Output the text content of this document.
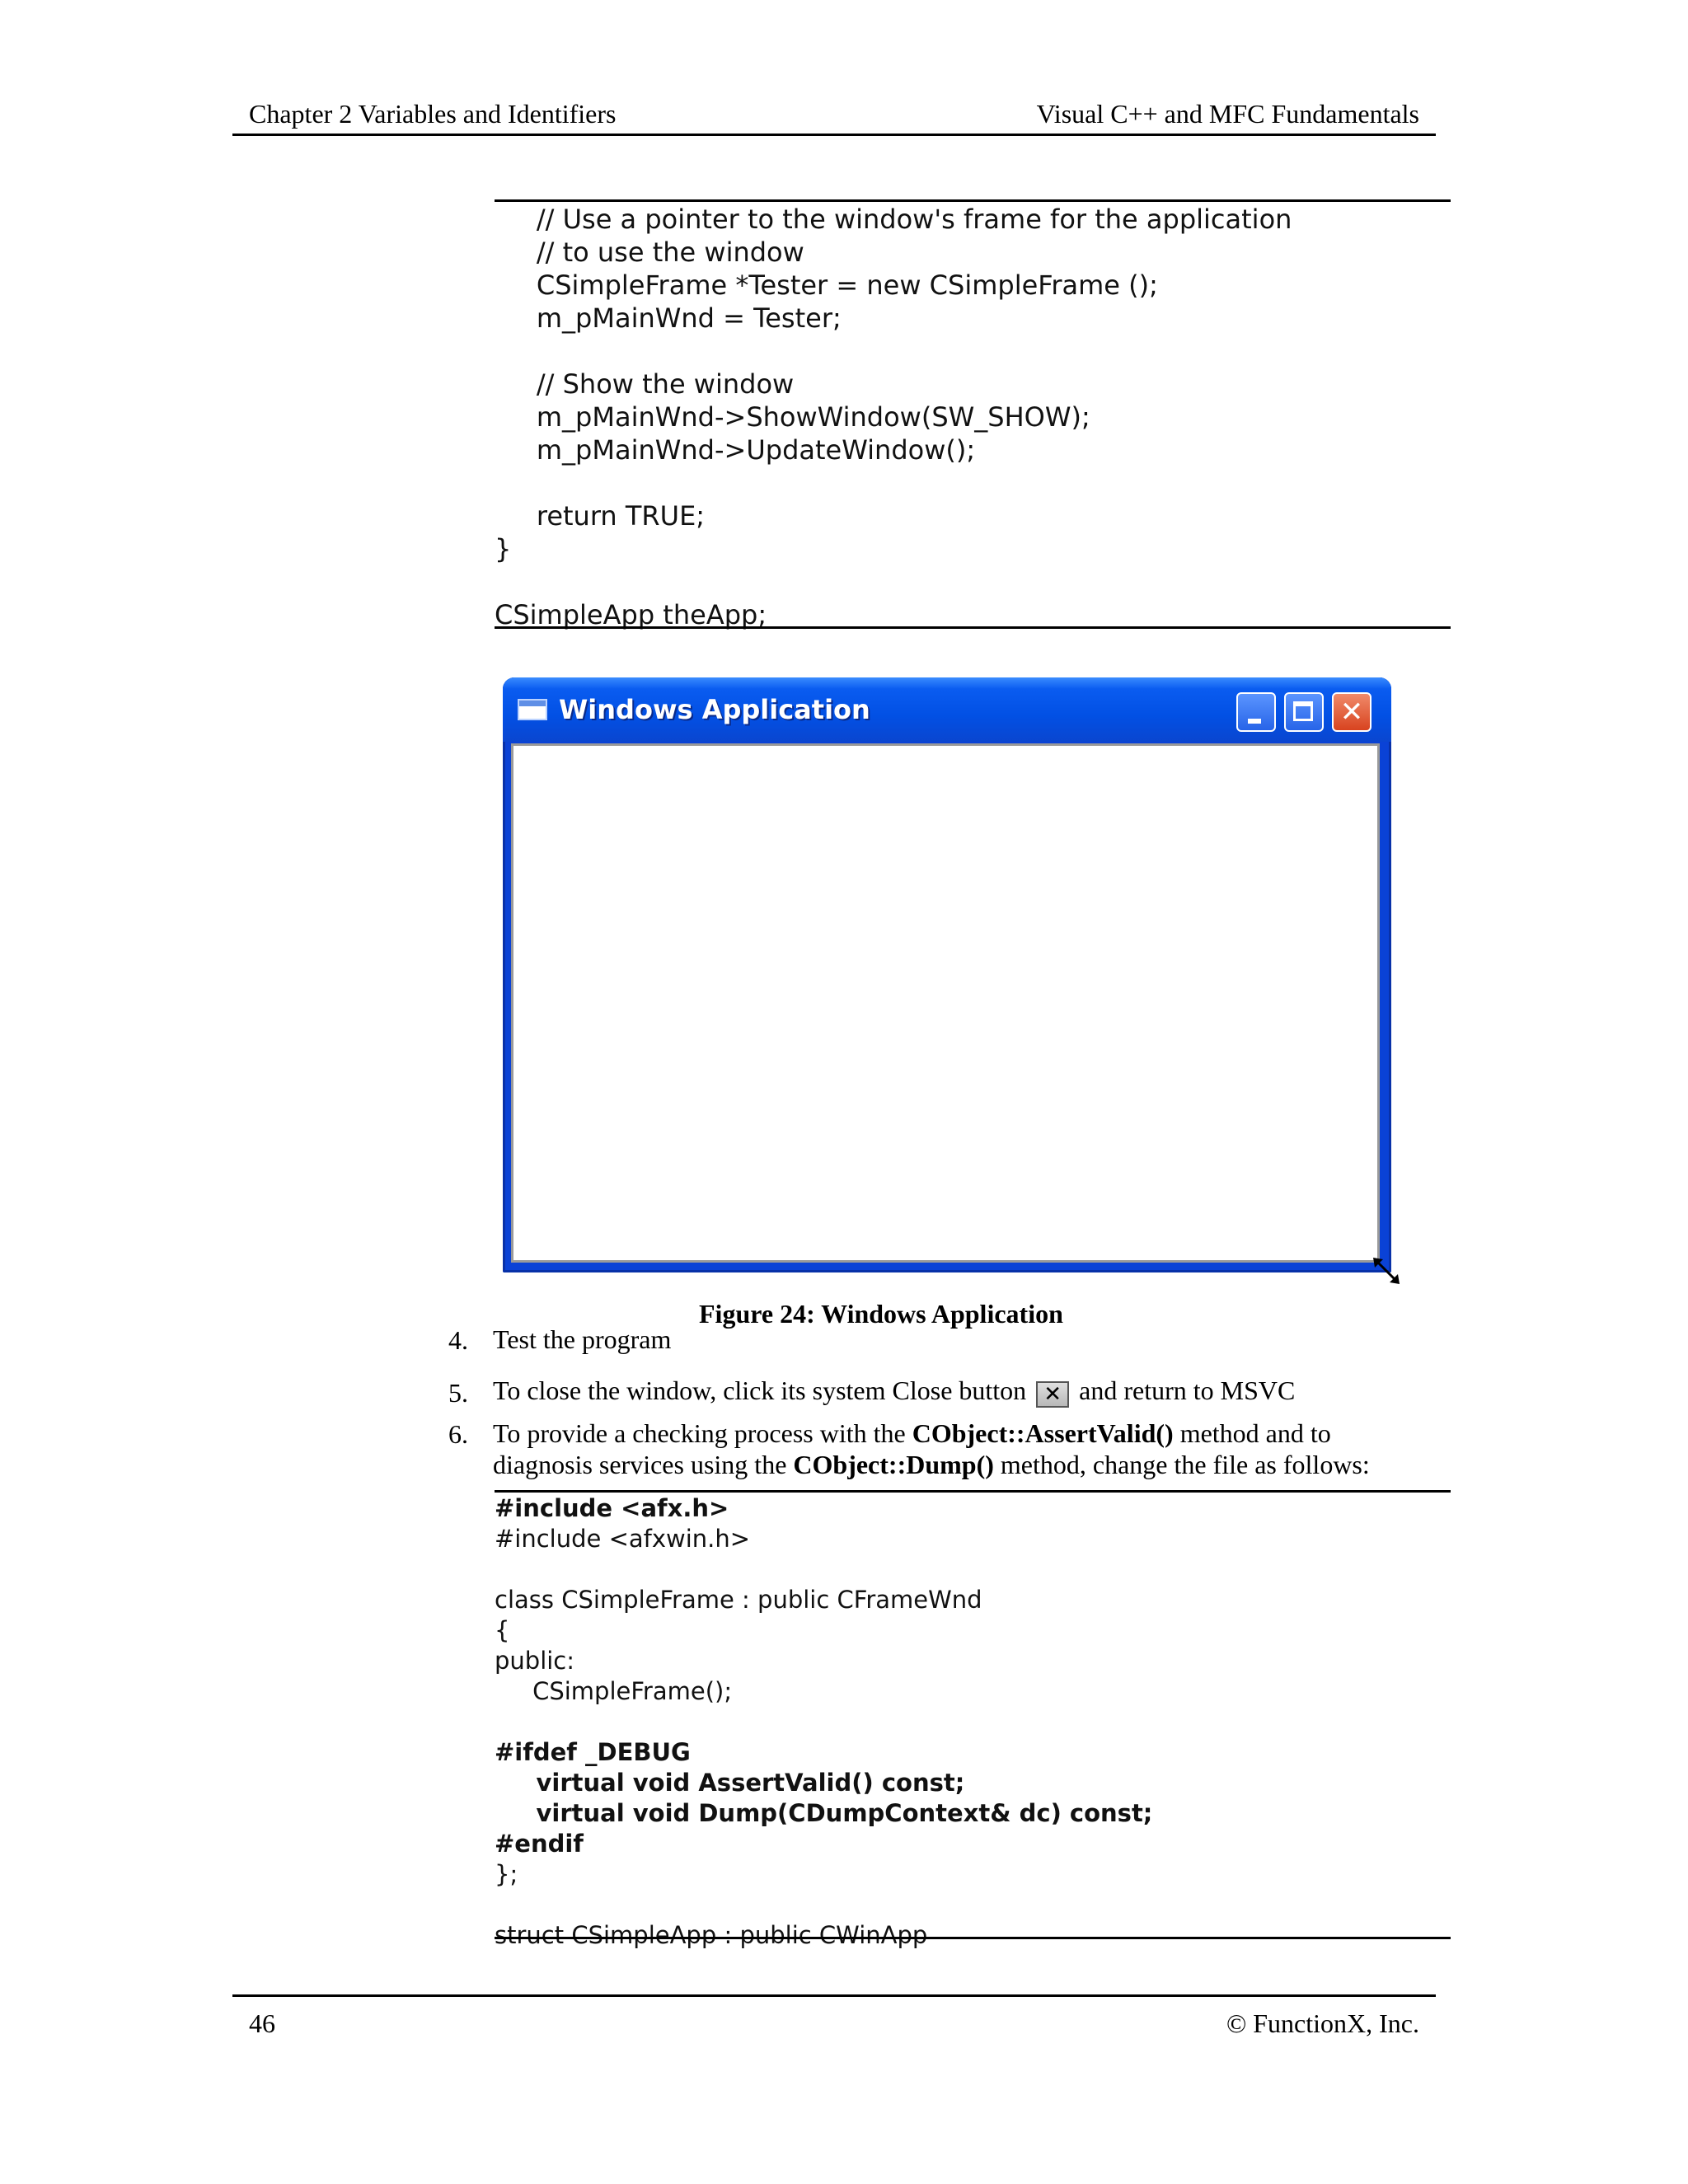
Chapter 2 Variables and Identifiers	Visual C++ and MFC Fundamentals
// Use a pointer to the window's frame for the application
// to use the window
CSimpleFrame *Tester = new CSimpleFrame ();
m_pMainWnd = Tester;

// Show the window
m_pMainWnd->ShowWindow(SW_SHOW);
m_pMainWnd->UpdateWindow();

return TRUE;
}

CSimpleApp theApp;
Windows Application	✕
Figure 24: Windows Application
4. Test the program
5. To close the window, click its system Close button ✕ and return to MSVC
6. To provide a checking process with the CObject::AssertValid() method and to
diagnosis services using the CObject::Dump() method, change the file as follows:
#include <afx.h>
#include <afxwin.h>

class CSimpleFrame : public CFrameWnd
{
public:
CSimpleFrame();

#ifdef _DEBUG
virtual void AssertValid() const;
virtual void Dump(CDumpContext& dc) const;
#endif
};

struct CSimpleApp : public CWinApp
46	© FunctionX, Inc.
